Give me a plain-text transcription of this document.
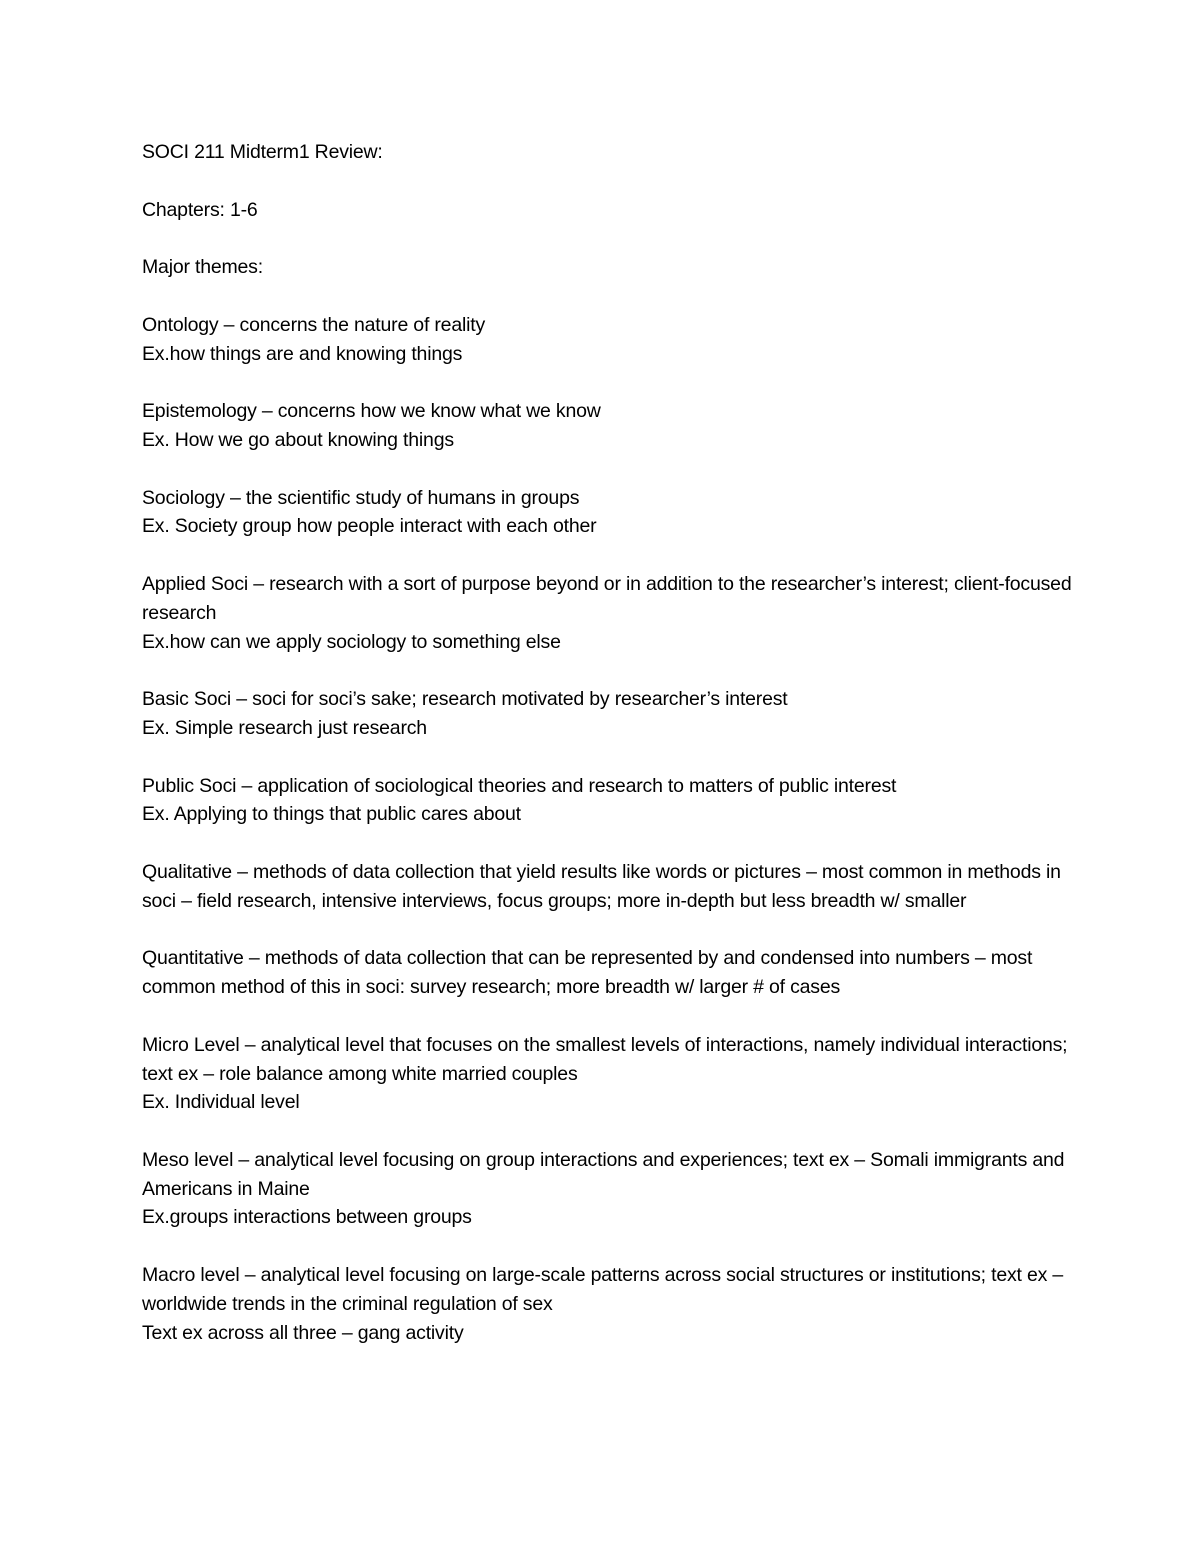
SOCI 211 Midterm1 Review:

Chapters: 1-6

Major themes:

Ontology – concerns the nature of reality

Ex.how things are and knowing things

Epistemology – concerns how we know what we know

Ex. How we go about knowing things

Sociology – the scientific study of humans in groups

Ex. Society group how people interact with each other

Applied Soci – research with a sort of purpose beyond or in addition to the researcher’s interest; client-focused research

Ex.how can we apply sociology to something else

Basic Soci – soci for soci’s sake; research motivated by researcher’s interest

Ex. Simple research just research

Public Soci – application of sociological theories and research to matters of public interest

Ex. Applying to things that public cares about

Qualitative – methods of data collection that yield results like words or pictures – most common in methods in soci – field research, intensive interviews, focus groups; more in-depth but less breadth w/ smaller

Quantitative – methods of data collection that can be represented by and condensed into numbers – most common method of this in soci: survey research; more breadth w/ larger # of cases

Micro Level – analytical level that focuses on the smallest levels of interactions, namely individual interactions; text ex – role balance among white married couples

Ex. Individual level

Meso level – analytical level focusing on group interactions and experiences; text ex – Somali immigrants and Americans in Maine

Ex.groups interactions between groups

Macro level – analytical level focusing on large-scale patterns across social structures or institutions; text ex – worldwide trends in the criminal regulation of sex

Text ex across all three – gang activity
